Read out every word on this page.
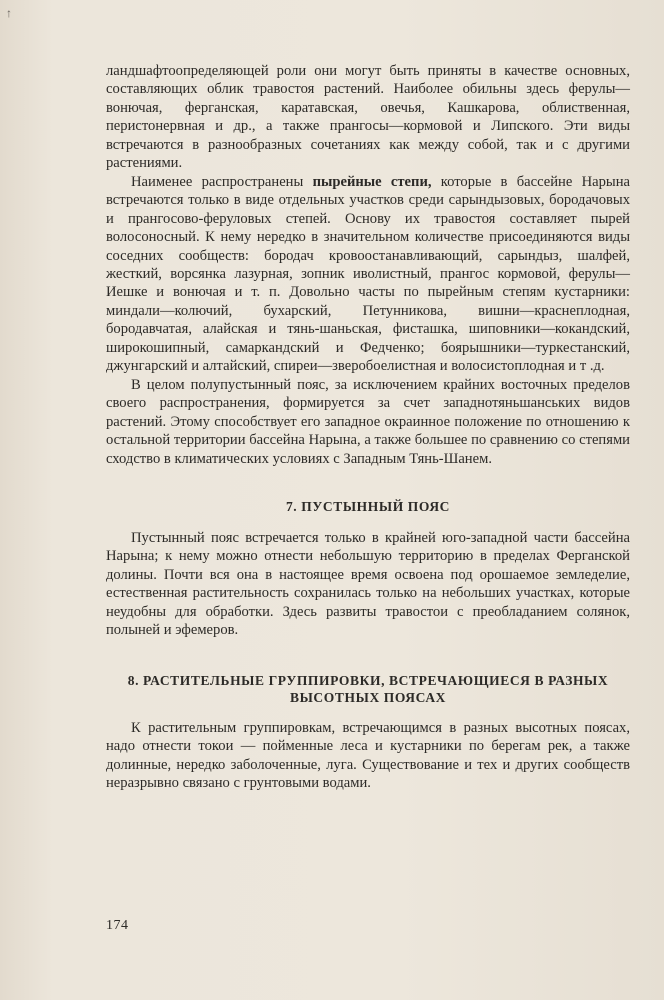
↑

ландшафтоопределяющей роли они могут быть приняты в качестве основных, составляющих облик травостоя растений. Наиболее обильны здесь ферулы—вонючая, ферганская, каратавская, овечья, Кашкарова, облиственная, перистонервная и др., а также прангосы—кормовой и Липского. Эти виды встречаются в разнообразных сочетаниях как между собой, так и с другими растениями.

Наименее распространены пырейные степи, которые в бассейне Нарына встречаются только в виде отдельных участков среди сарындызовых, бородачовых и прангосово-феруловых степей. Основу их травостоя составляет пырей волосоносный. К нему нередко в значительном количестве присоединяются виды соседних сообществ: бородач кровоостанавливающий, сарындыз, шалфей, жесткий, ворсянка лазурная, зопник иволистный, прангос кормовой, ферулы—Иешке и вонючая и т. п. Довольно часты по пырейным степям кустарники: миндали—колючий, бухарский, Петунникова, вишни—краснеплодная, бородавчатая, алайская и тянь-шаньская, фисташка, шиповники—кокандский, широкошипный, самаркандский и Федченко; боярышники—туркестанский, джунгарский и алтайский, спиреи—зверобоелистная и волосистоплодная и т .д.

В целом полупустынный пояс, за исключением крайних восточных пределов своего распространения, формируется за счет западнотяньшанських видов растений. Этому способствует его западное окраинное положение по отношению к остальной территории бассейна Нарына, а также большее по сравнению со степями сходство в климатических условиях с Западным Тянь-Шанем.

7. ПУСТЫННЫЙ ПОЯС

Пустынный пояс встречается только в крайней юго-западной части бассейна Нарына; к нему можно отнести небольшую территорию в пределах Ферганской долины. Почти вся она в настоящее время освоена под орошаемое земледелие, естественная растительность сохранилась только на небольших участках, которые неудобны для обработки. Здесь развиты травостои с преобладанием солянок, полыней и эфемеров.

8. РАСТИТЕЛЬНЫЕ ГРУППИРОВКИ, ВСТРЕЧАЮЩИЕСЯ В РАЗНЫХ
ВЫСОТНЫХ ПОЯСАХ

К растительным группировкам, встречающимся в разных высотных поясах, надо отнести токои — пойменные леса и кустарники по берегам рек, а также долинные, нередко заболоченные, луга. Существование и тех и других сообществ неразрывно связано с грунтовыми водами.

174
